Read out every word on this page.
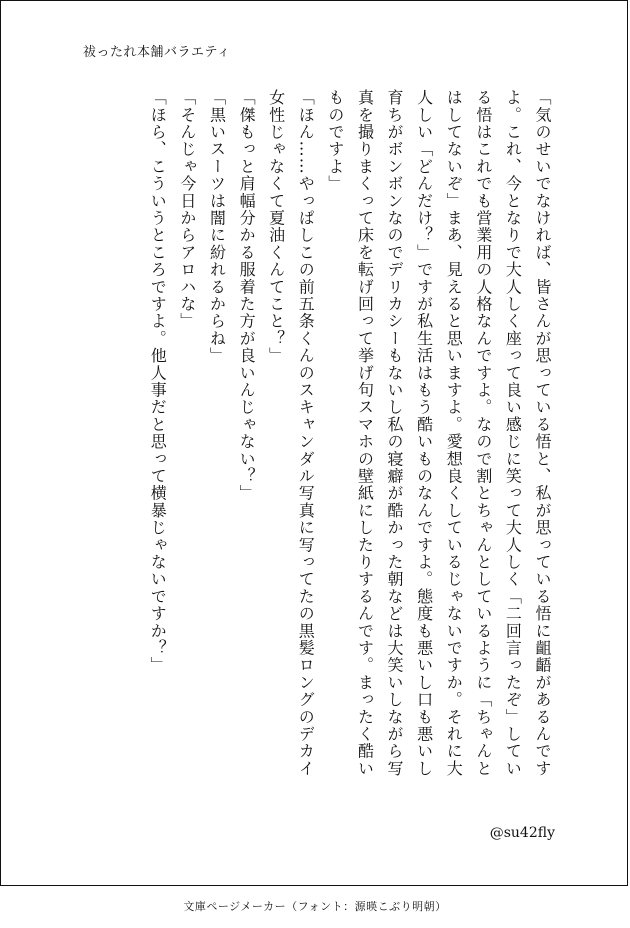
祓ったれ本舗バラエティ

「気のせいでなければ、皆さんが思っている悟と、私が思っている悟に齟齬があるんですよ。これ、今となりで大人しく座って良い感じに笑って大人しく「二回言ったぞ」している悟はこれでも営業用の人格なんですよ。なので割とちゃんとしているように「ちゃんとはしてないぞ」まあ、見えると思いますよ。愛想良くしているじゃないですか。それに大人しい「どんだけ？」ですが私生活はもう酷いものなんですよ。態度も悪いし口も悪いし育ちがボンボンなのでデリカシーもないし私の寝癖が酷かった朝などは大笑いしながら写真を撮りまくって床を転げ回って挙げ句スマホの壁紙にしたりするんです。まったく酷いものですよ」

「ほん……やっぱしこの前五条くんのスキャンダル写真に写ってたの黒髪ロングのデカイ女性じゃなくて夏油くんてこと？」

「傑もっと肩幅分かる服着た方が良いんじゃない？」

「黒いスーツは闇に紛れるからね」

「そんじゃ今日からアロハな」

「ほら、こういうところですよ。他人事だと思って横暴じゃないですか？」

@su42fly
文庫ページメーカー（フォント：源暎こぶり明朝）
